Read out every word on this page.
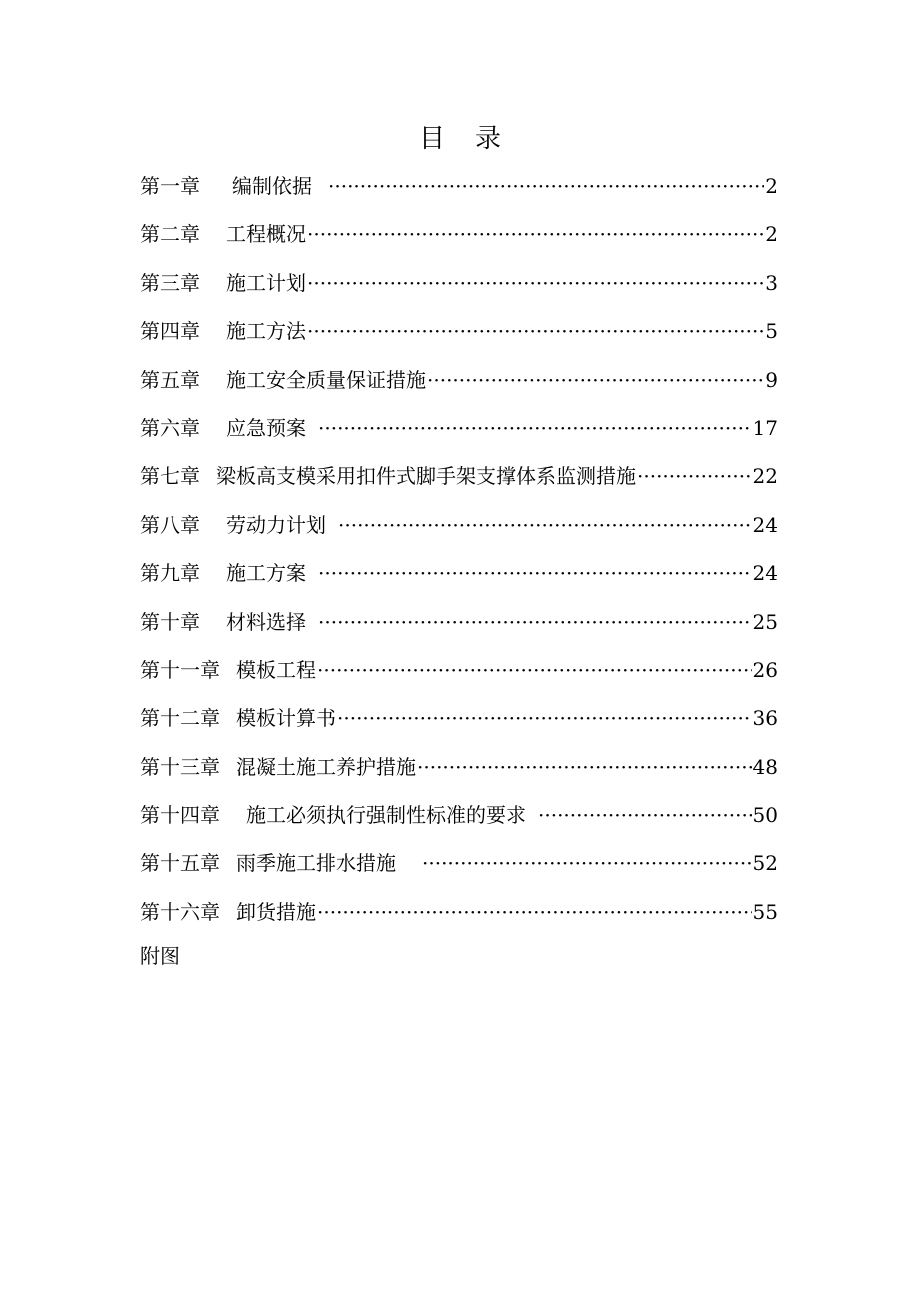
目 录
第一章	编制依据 ·····	2
第二章	工程概况 ·····	2
第三章	施工计划 ·····	3
第四章	施工方法 ·····	5
第五章	施工安全质量保证措施 ·····	9
第六章	应急预案 ·····	17
第七章 梁板高支模采用扣件式脚手架支撑体系监测措施 ·····	22
第八章	劳动力计划 ·····	24
第九章	施工方案 ·····	24
第十章	材料选择 ·····	25
第十一章 模板工程 ·····	26
第十二章 模板计算书 ·····	36
第十三章 混凝土施工养护措施 ·····	48
第十四章	施工必须执行强制性标准的要求 ·····	50
第十五章 雨季施工排水措施 ·····	52
第十六章 卸货措施 ·····	55
附图
